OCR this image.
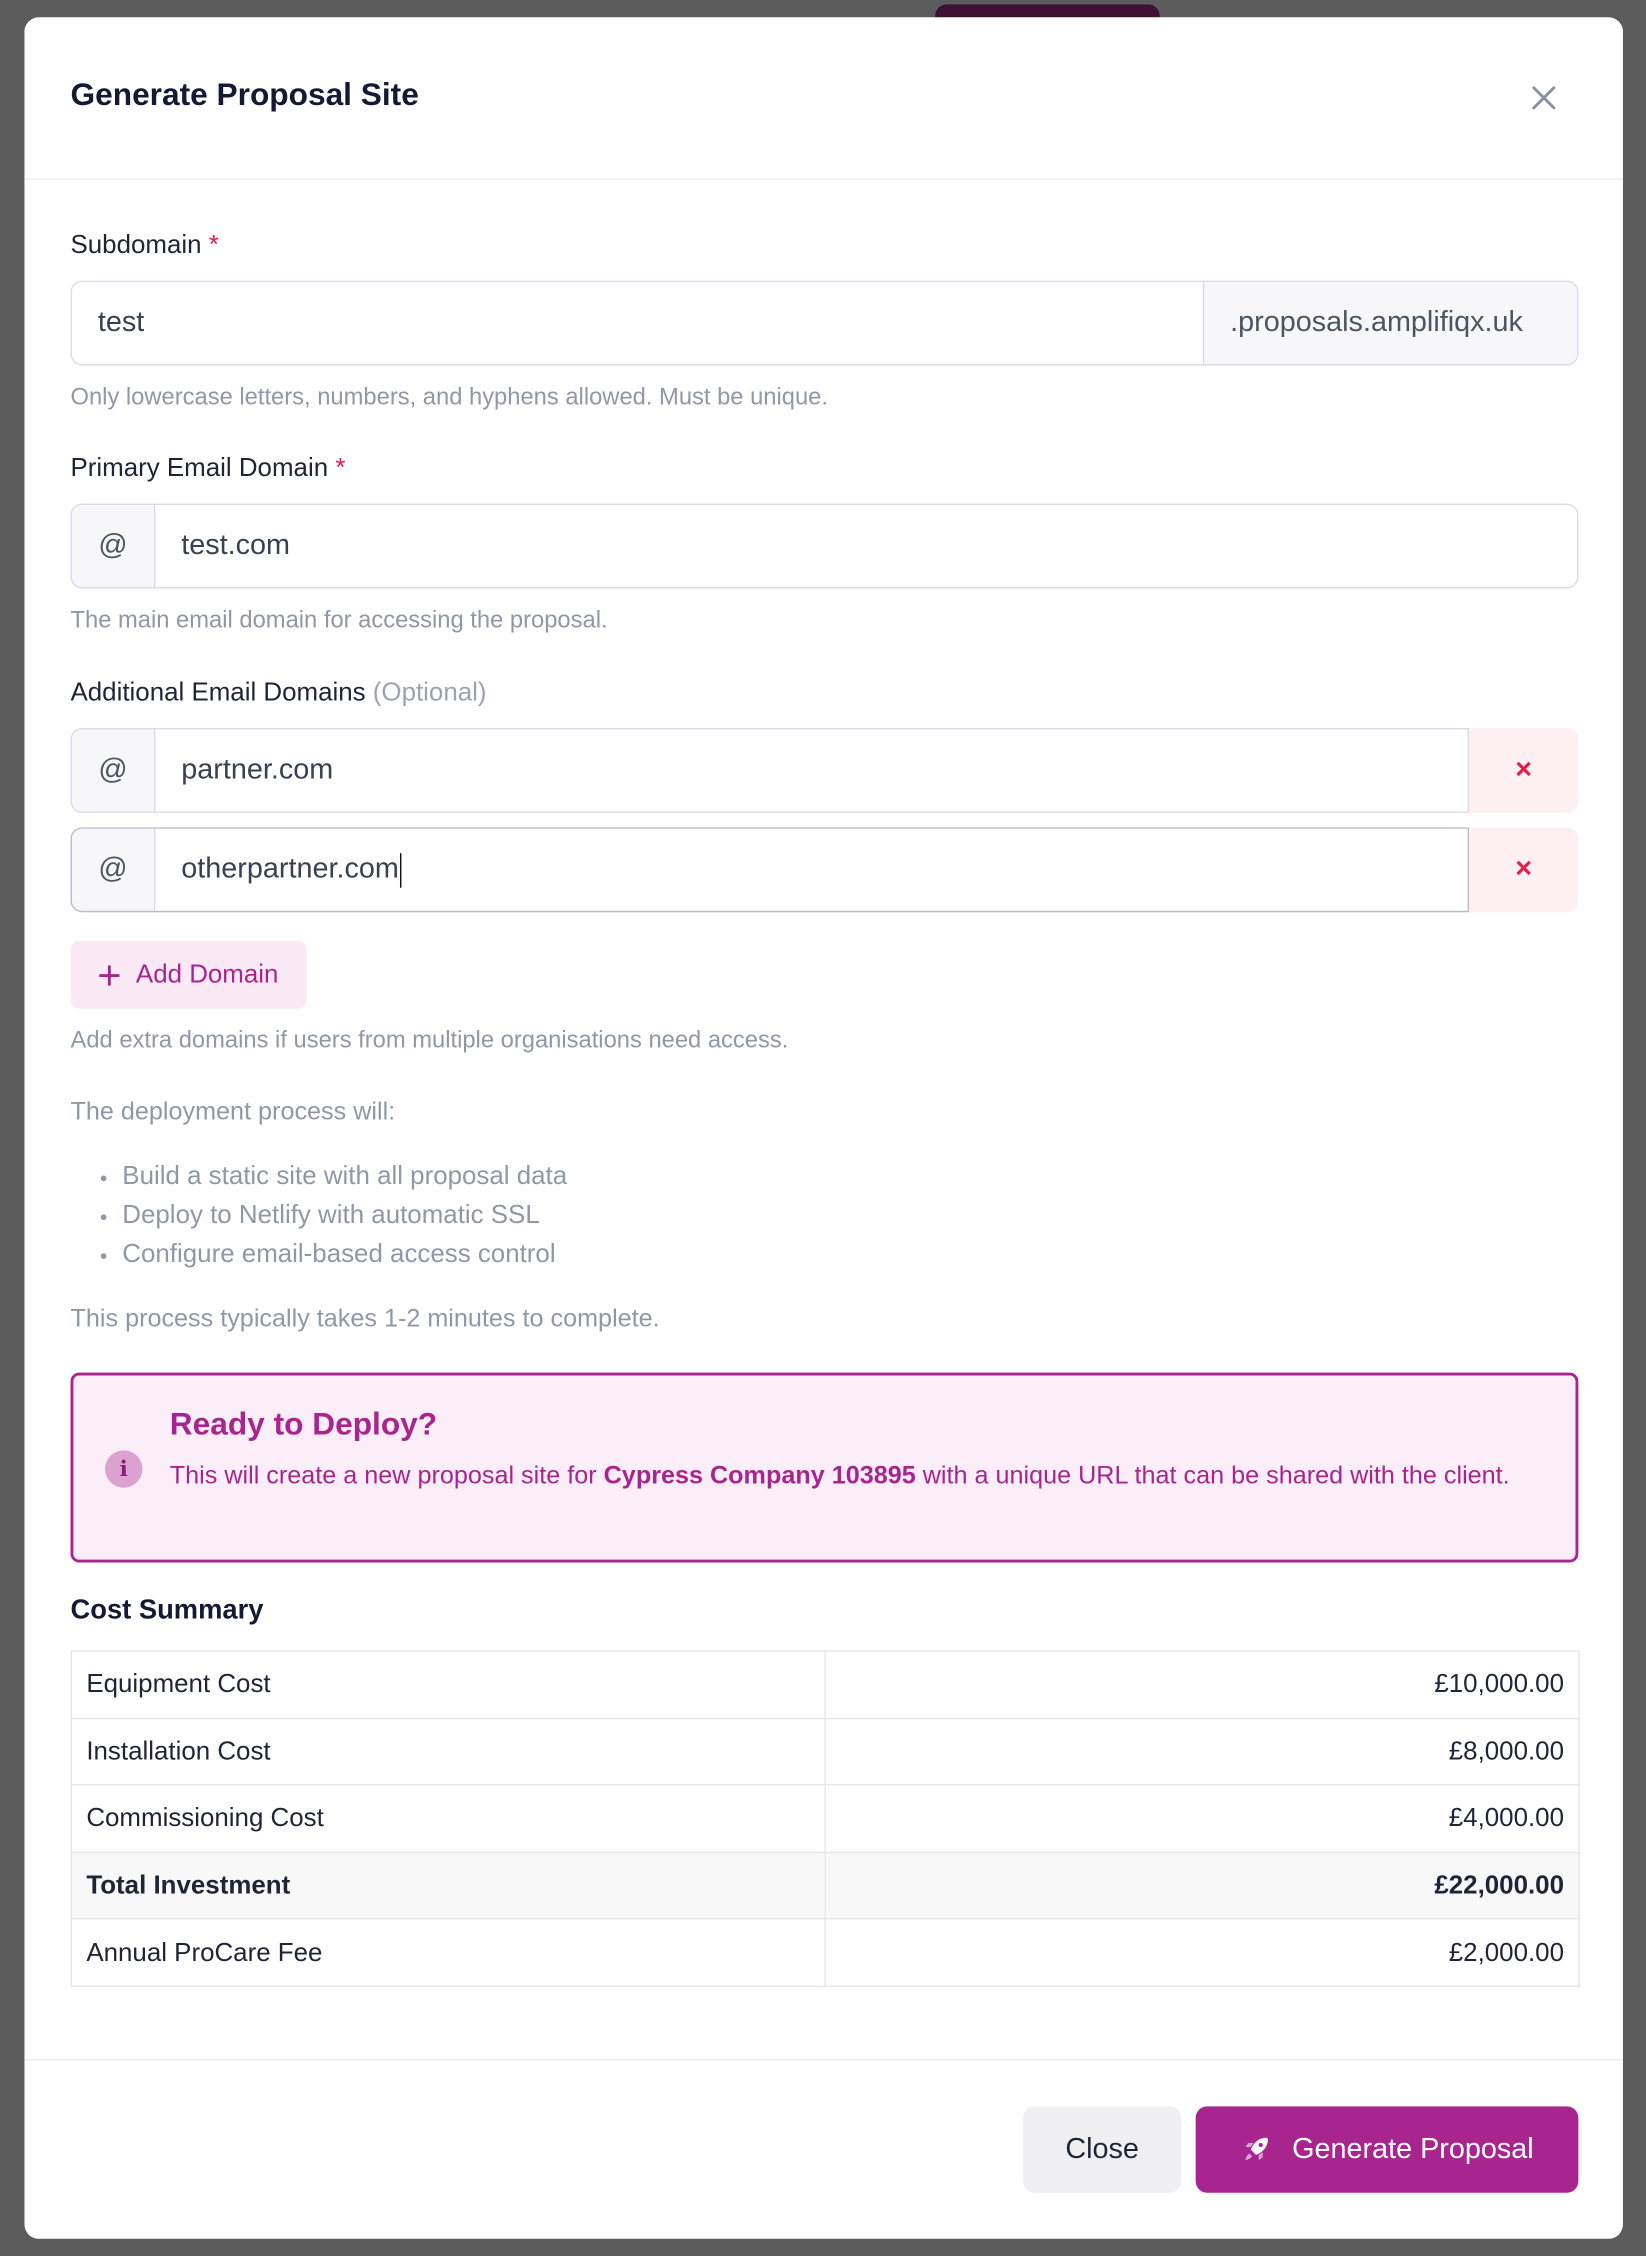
Generate Proposal Site
Subdomain *
test	.proposals.amplifiqx.uk
Only lowercase letters, numbers, and hyphens allowed. Must be unique.
Primary Email Domain *
@	test.com
The main email domain for accessing the proposal.
Additional Email Domains (Optional)
@	partner.com	×
@	otherpartner.com	×
Add Domain
Add extra domains if users from multiple organisations need access.
The deployment process will:
• Build a static site with all proposal data
• Deploy to Netlify with automatic SSL
• Configure email-based access control
This process typically takes 1-2 minutes to complete.
i
Ready to Deploy?
This will create a new proposal site for Cypress Company 103895 with a unique URL that can be shared with the client.
Cost Summary
Equipment Cost	£10,000.00
Installation Cost	£8,000.00
Commissioning Cost	£4,000.00
Total Investment	£22,000.00
Annual ProCare Fee	£2,000.00
Close	Generate Proposal
